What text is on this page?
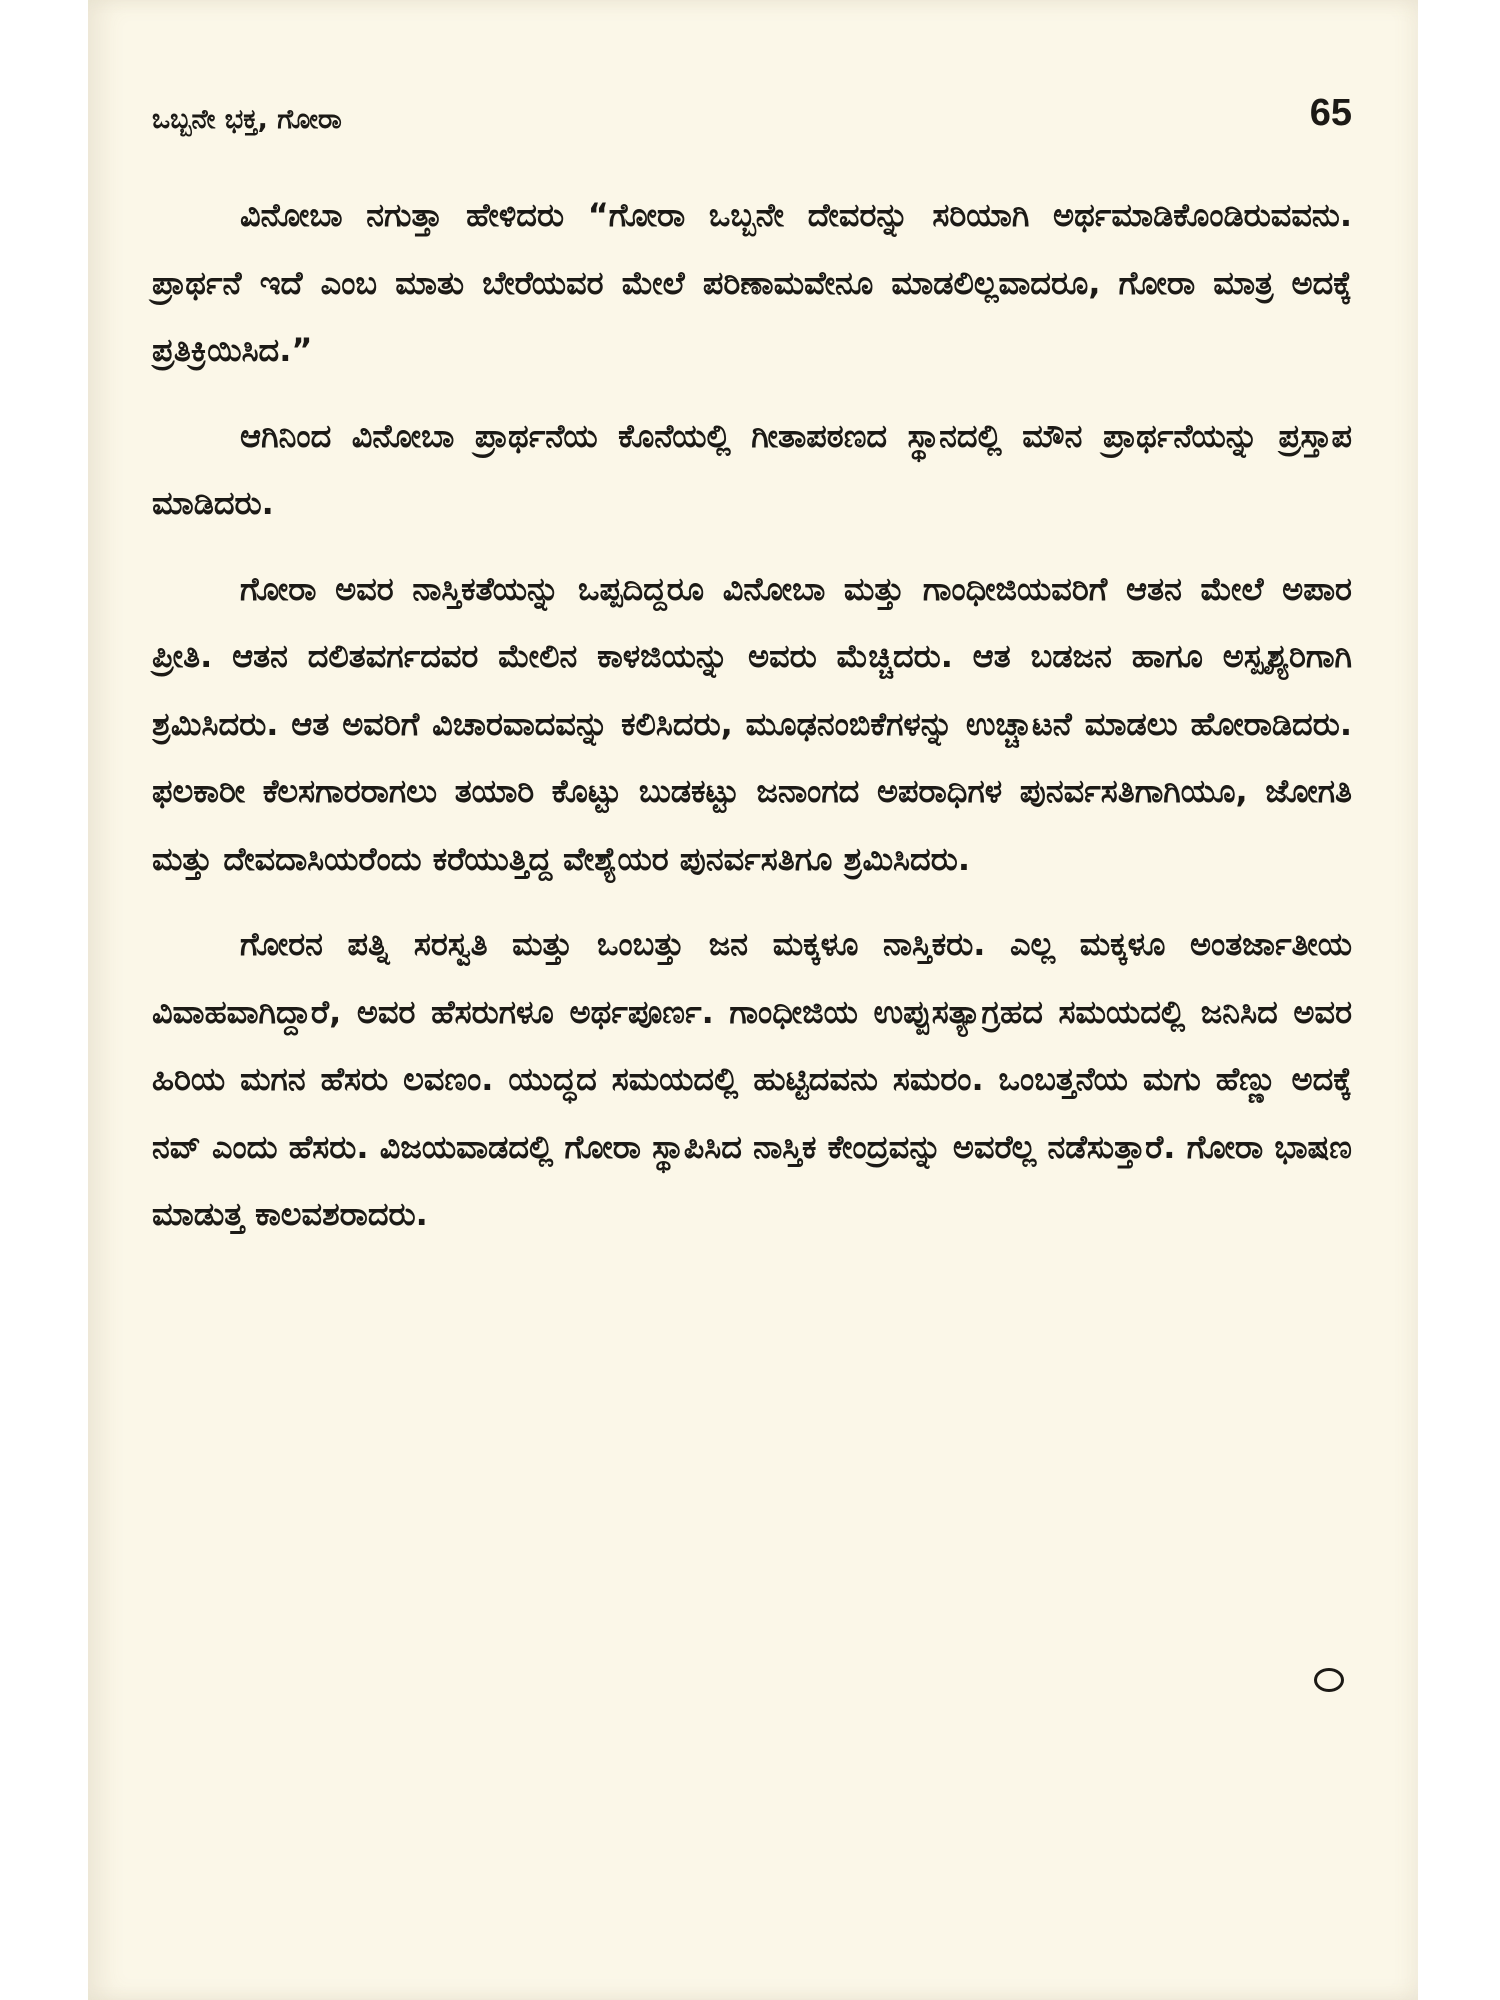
ಒಬ್ಬನೇ ಭಕ್ತ, ಗೋರಾ	65

ವಿನೋಬಾ ನಗುತ್ತಾ ಹೇಳಿದರು “ಗೋರಾ ಒಬ್ಬನೇ ದೇವರನ್ನು ಸರಿಯಾಗಿ ಅರ್ಥಮಾಡಿಕೊಂಡಿರುವವನು. ಪ್ರಾರ್ಥನೆ ಇದೆ ಎಂಬ ಮಾತು ಬೇರೆಯವರ ಮೇಲೆ ಪರಿಣಾಮವೇನೂ ಮಾಡಲಿಲ್ಲವಾದರೂ, ಗೋರಾ ಮಾತ್ರ ಅದಕ್ಕೆ ಪ್ರತಿಕ್ರಿಯಿಸಿದ.”

ಆಗಿನಿಂದ ವಿನೋಬಾ ಪ್ರಾರ್ಥನೆಯ ಕೊನೆಯಲ್ಲಿ ಗೀತಾಪಠಣದ ಸ್ಥಾನದಲ್ಲಿ ಮೌನ ಪ್ರಾರ್ಥನೆಯನ್ನು ಪ್ರಸ್ತಾಪ ಮಾಡಿದರು.

ಗೋರಾ ಅವರ ನಾಸ್ತಿಕತೆಯನ್ನು ಒಪ್ಪದಿದ್ದರೂ ವಿನೋಬಾ ಮತ್ತು ಗಾಂಧೀಜಿಯವರಿಗೆ ಆತನ ಮೇಲೆ ಅಪಾರ ಪ್ರೀತಿ. ಆತನ ದಲಿತವರ್ಗದವರ ಮೇಲಿನ ಕಾಳಜಿಯನ್ನು ಅವರು ಮೆಚ್ಚಿದರು. ಆತ ಬಡಜನ ಹಾಗೂ ಅಸ್ಪೃಶ್ಯರಿಗಾಗಿ ಶ್ರಮಿಸಿದರು. ಆತ ಅವರಿಗೆ ವಿಚಾರವಾದವನ್ನು ಕಲಿಸಿದರು, ಮೂಢನಂಬಿಕೆಗಳನ್ನು ಉಚ್ಚಾಟನೆ ಮಾಡಲು ಹೋರಾಡಿದರು. ಫಲಕಾರೀ ಕೆಲಸಗಾರರಾಗಲು ತಯಾರಿ ಕೊಟ್ಟು ಬುಡಕಟ್ಟು ಜನಾಂಗದ ಅಪರಾಧಿಗಳ ಪುನರ್ವಸತಿಗಾಗಿಯೂ, ಜೋಗತಿ ಮತ್ತು ದೇವದಾಸಿಯರೆಂದು ಕರೆಯುತ್ತಿದ್ದ ವೇಶ್ಯೆಯರ ಪುನರ್ವಸತಿಗೂ ಶ್ರಮಿಸಿದರು.

ಗೋರನ ಪತ್ನಿ ಸರಸ್ವತಿ ಮತ್ತು ಒಂಬತ್ತು ಜನ ಮಕ್ಕಳೂ ನಾಸ್ತಿಕರು. ಎಲ್ಲ ಮಕ್ಕಳೂ ಅಂತರ್ಜಾತೀಯ ವಿವಾಹವಾಗಿದ್ದಾರೆ, ಅವರ ಹೆಸರುಗಳೂ ಅರ್ಥಪೂರ್ಣ. ಗಾಂಧೀಜಿಯ ಉಪ್ಪುಸತ್ಯಾಗ್ರಹದ ಸಮಯದಲ್ಲಿ ಜನಿಸಿದ ಅವರ ಹಿರಿಯ ಮಗನ ಹೆಸರು ಲವಣಂ. ಯುದ್ಧದ ಸಮಯದಲ್ಲಿ ಹುಟ್ಟಿದವನು ಸಮರಂ. ಒಂಬತ್ತನೆಯ ಮಗು ಹೆಣ್ಣು ಅದಕ್ಕೆ ನವ್ ಎಂದು ಹೆಸರು. ವಿಜಯವಾಡದಲ್ಲಿ ಗೋರಾ ಸ್ಥಾಪಿಸಿದ ನಾಸ್ತಿಕ ಕೇಂದ್ರವನ್ನು ಅವರೆಲ್ಲ ನಡೆಸುತ್ತಾರೆ. ಗೋರಾ ಭಾಷಣ ಮಾಡುತ್ತ ಕಾಲವಶರಾದರು.
